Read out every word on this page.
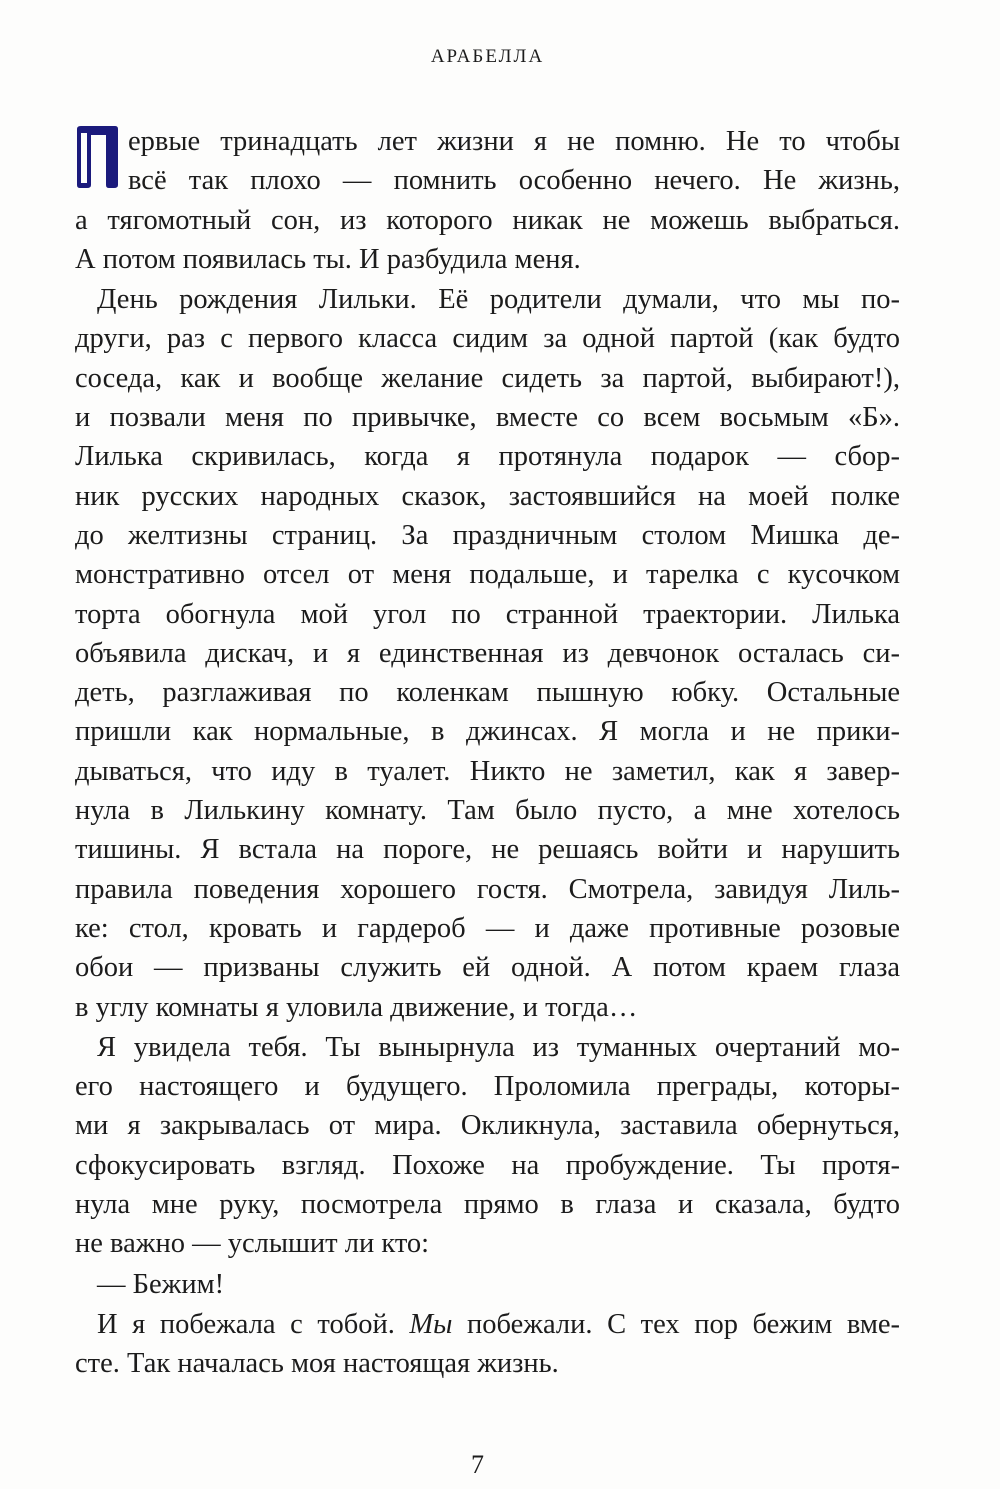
АРАБЕЛЛА
ервые тринадцать лет жизни я не помню. Не то чтобы
всё так плохо — помнить особенно нечего. Не жизнь,
а тягомотный сон, из которого никак не можешь выбраться.
А потом появилась ты. И разбудила меня.
День рождения Лильки. Её родители думали, что мы по-
други, раз с первого класса сидим за одной партой (как будто
соседа, как и вообще желание сидеть за партой, выбирают!),
и позвали меня по привычке, вместе со всем восьмым «Б».
Лилька скривилась, когда я протянула подарок — сбор-
ник русских народных сказок, застоявшийся на моей полке
до желтизны страниц. За праздничным столом Мишка де-
монстративно отсел от меня подальше, и тарелка с кусочком
торта обогнула мой угол по странной траектории. Лилька
объявила дискач, и я единственная из девчонок осталась си-
деть, разглаживая по коленкам пышную юбку. Остальные
пришли как нормальные, в джинсах. Я могла и не прики-
дываться, что иду в туалет. Никто не заметил, как я завер-
нула в Лилькину комнату. Там было пусто, а мне хотелось
тишины. Я встала на пороге, не решаясь войти и нарушить
правила поведения хорошего гостя. Смотрела, завидуя Лиль-
ке: стол, кровать и гардероб — и даже противные розовые
обои — призваны служить ей одной. А потом краем глаза
в углу комнаты я уловила движение, и тогда…
Я увидела тебя. Ты вынырнула из туманных очертаний мо-
его настоящего и будущего. Проломила преграды, которы-
ми я закрывалась от мира. Окликнула, заставила обернуться,
сфокусировать взгляд. Похоже на пробуждение. Ты протя-
нула мне руку, посмотрела прямо в глаза и сказала, будто
не важно — услышит ли кто:
— Бежим!
И я побежала с тобой. Мы побежали. С тех пор бежим вме-
сте. Так началась моя настоящая жизнь.
7
